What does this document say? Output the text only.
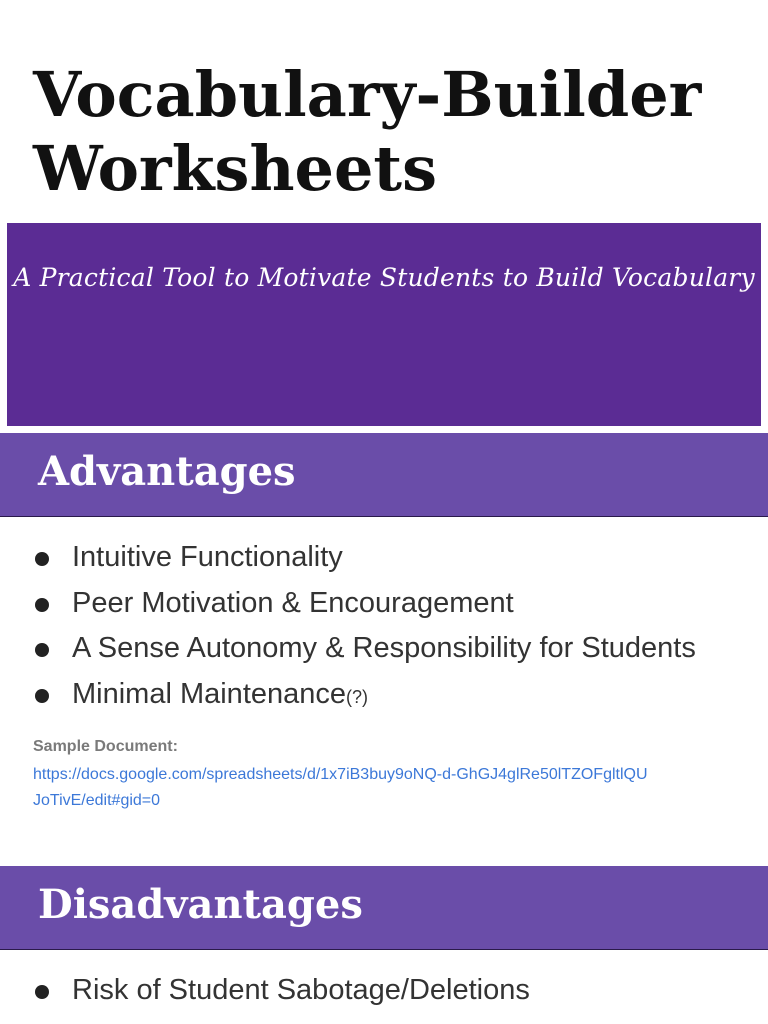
Vocabulary-Builder
Worksheets
A Practical Tool to Motivate Students to Build Vocabulary
Advantages
Intuitive Functionality
Peer Motivation & Encouragement
A Sense Autonomy & Responsibility for Students
Minimal Maintenance(?)
Sample Document:
https://docs.google.com/spreadsheets/d/1x7iB3buy9oNQ-d-GhGJ4glRe50lTZOFgltlQU
JoTivE/edit#gid=0
Disadvantages
Risk of Student Sabotage/Deletions
